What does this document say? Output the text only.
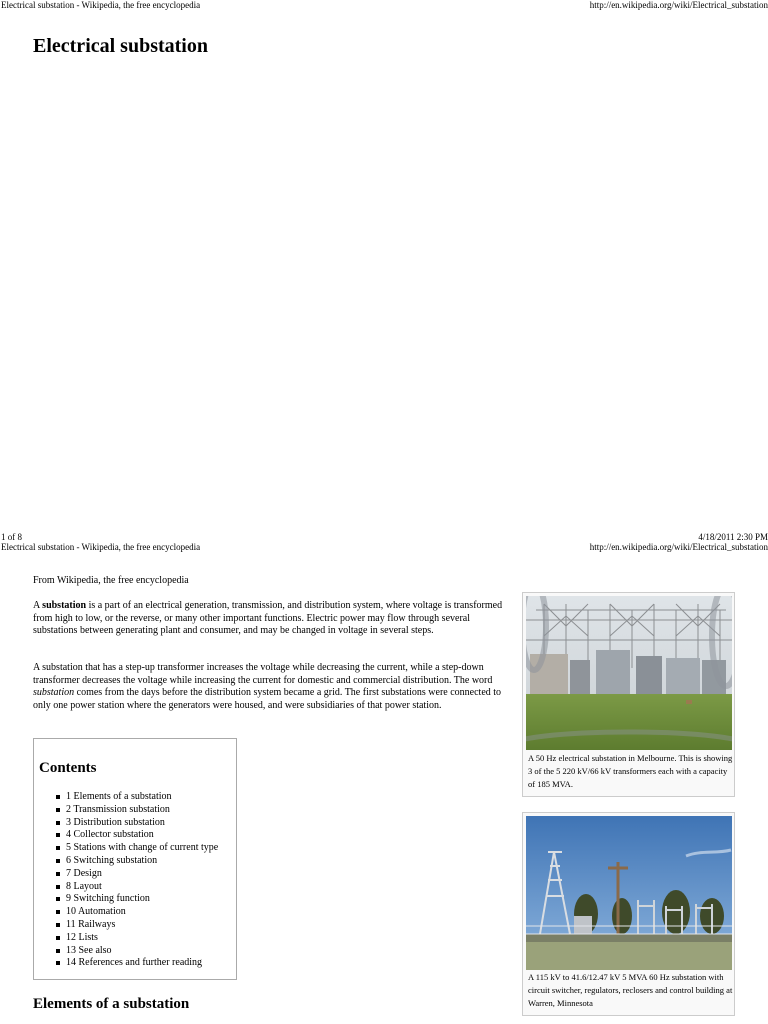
Electrical substation - Wikipedia, the free encyclopedia	http://en.wikipedia.org/wiki/Electrical_substation
Electrical substation
1 of 8	4/18/2011 2:30 PM
Electrical substation - Wikipedia, the free encyclopedia	http://en.wikipedia.org/wiki/Electrical_substation
From Wikipedia, the free encyclopedia

A substation is a part of an electrical generation, transmission, and distribution system, where voltage is transformed from high to low, or the reverse, or many other important functions. Electric power may flow through several substations between generating plant and consumer, and may be changed in voltage in several steps.

A substation that has a step-up transformer increases the voltage while decreasing the current, while a step-down transformer decreases the voltage while increasing the current for domestic and commercial distribution. The word substation comes from the days before the distribution system became a grid. The first substations were connected to only one power station where the generators were housed, and were subsidiaries of that power station.

Contents
1 Elements of a substation
2 Transmission substation
3 Distribution substation
4 Collector substation
5 Stations with change of current type
6 Switching substation
7 Design
8 Layout
9 Switching function
10 Automation
11 Railways
12 Lists
13 See also
14 References and further reading
Elements of a substation
A 50 Hz electrical substation in Melbourne. This is showing 3 of the 5 220 kV/66 kV transformers each with a capacity of 185 MVA.
A 115 kV to 41.6/12.47 kV 5 MVA 60 Hz substation with circuit switcher, regulators, reclosers and control building at Warren, Minnesota
